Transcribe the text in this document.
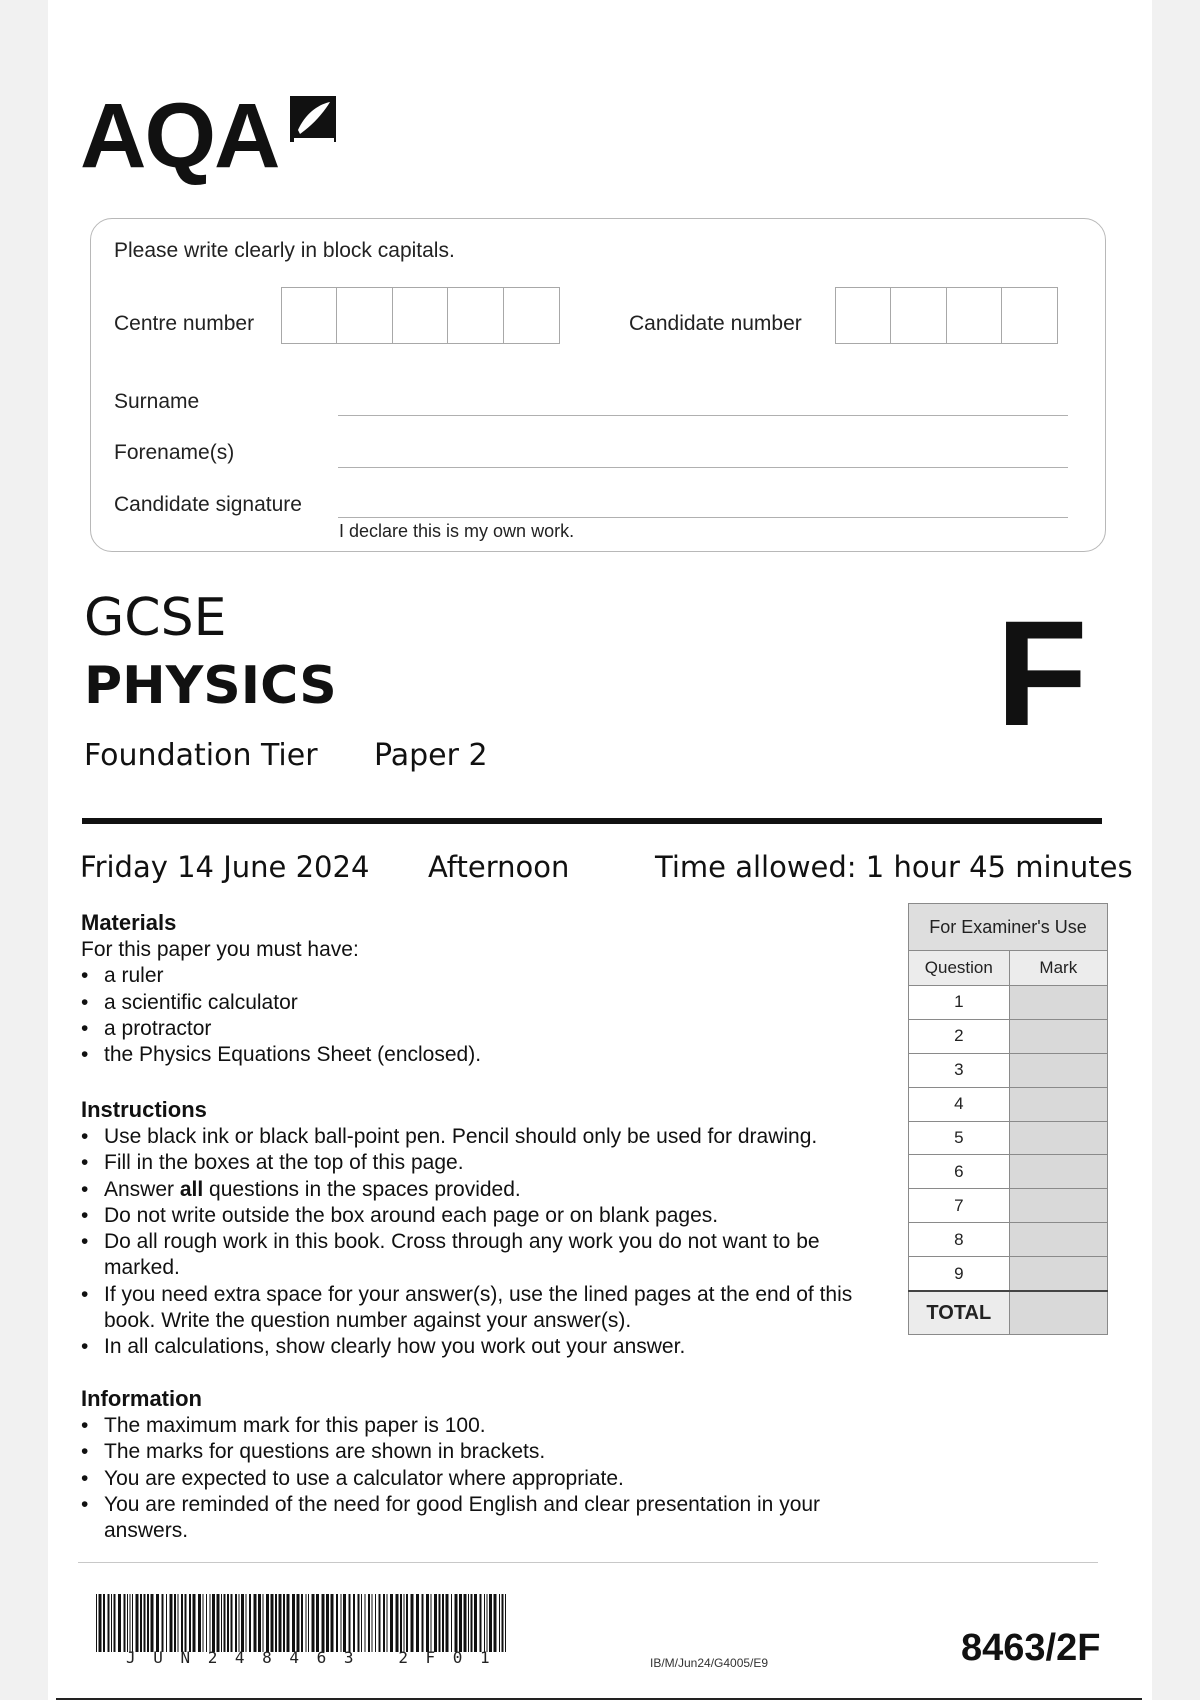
AQA
Please write clearly in block capitals.
Centre number	Candidate number
Surname
Forename(s)
Candidate signature
I declare this is my own work.
GCSE
PHYSICS
Foundation Tier Paper 2	F
Friday 14 June 2024 Afternoon	Time allowed: 1 hour 45 minutes
Materials

For this paper you must have:

• a ruler
• a scientific calculator
• a protractor
• the Physics Equations Sheet (enclosed).
Instructions
• Use black ink or black ball-point pen. Pencil should only be used for drawing.
• Fill in the boxes at the top of this page.
• Answer all questions in the spaces provided.
• Do not write outside the box around each page or on blank pages.
• Do all rough work in this book. Cross through any work you do not want to be marked.
• If you need extra space for your answer(s), use the lined pages at the end of this book. Write the question number against your answer(s).
• In all calculations, show clearly how you work out your answer.
Information
• The maximum mark for this paper is 100.
• The marks for questions are shown in brackets.
• You are expected to use a calculator where appropriate.
• You are reminded of the need for good English and clear presentation in your answers.
For Examiner's Use	
Question	Mark
1	
2	
3	
4	
5	
6	
7	
8	
9	
TOTAL	
JUN248463 2F01	IB/M/Jun24/G4005/E9	8463/2F
